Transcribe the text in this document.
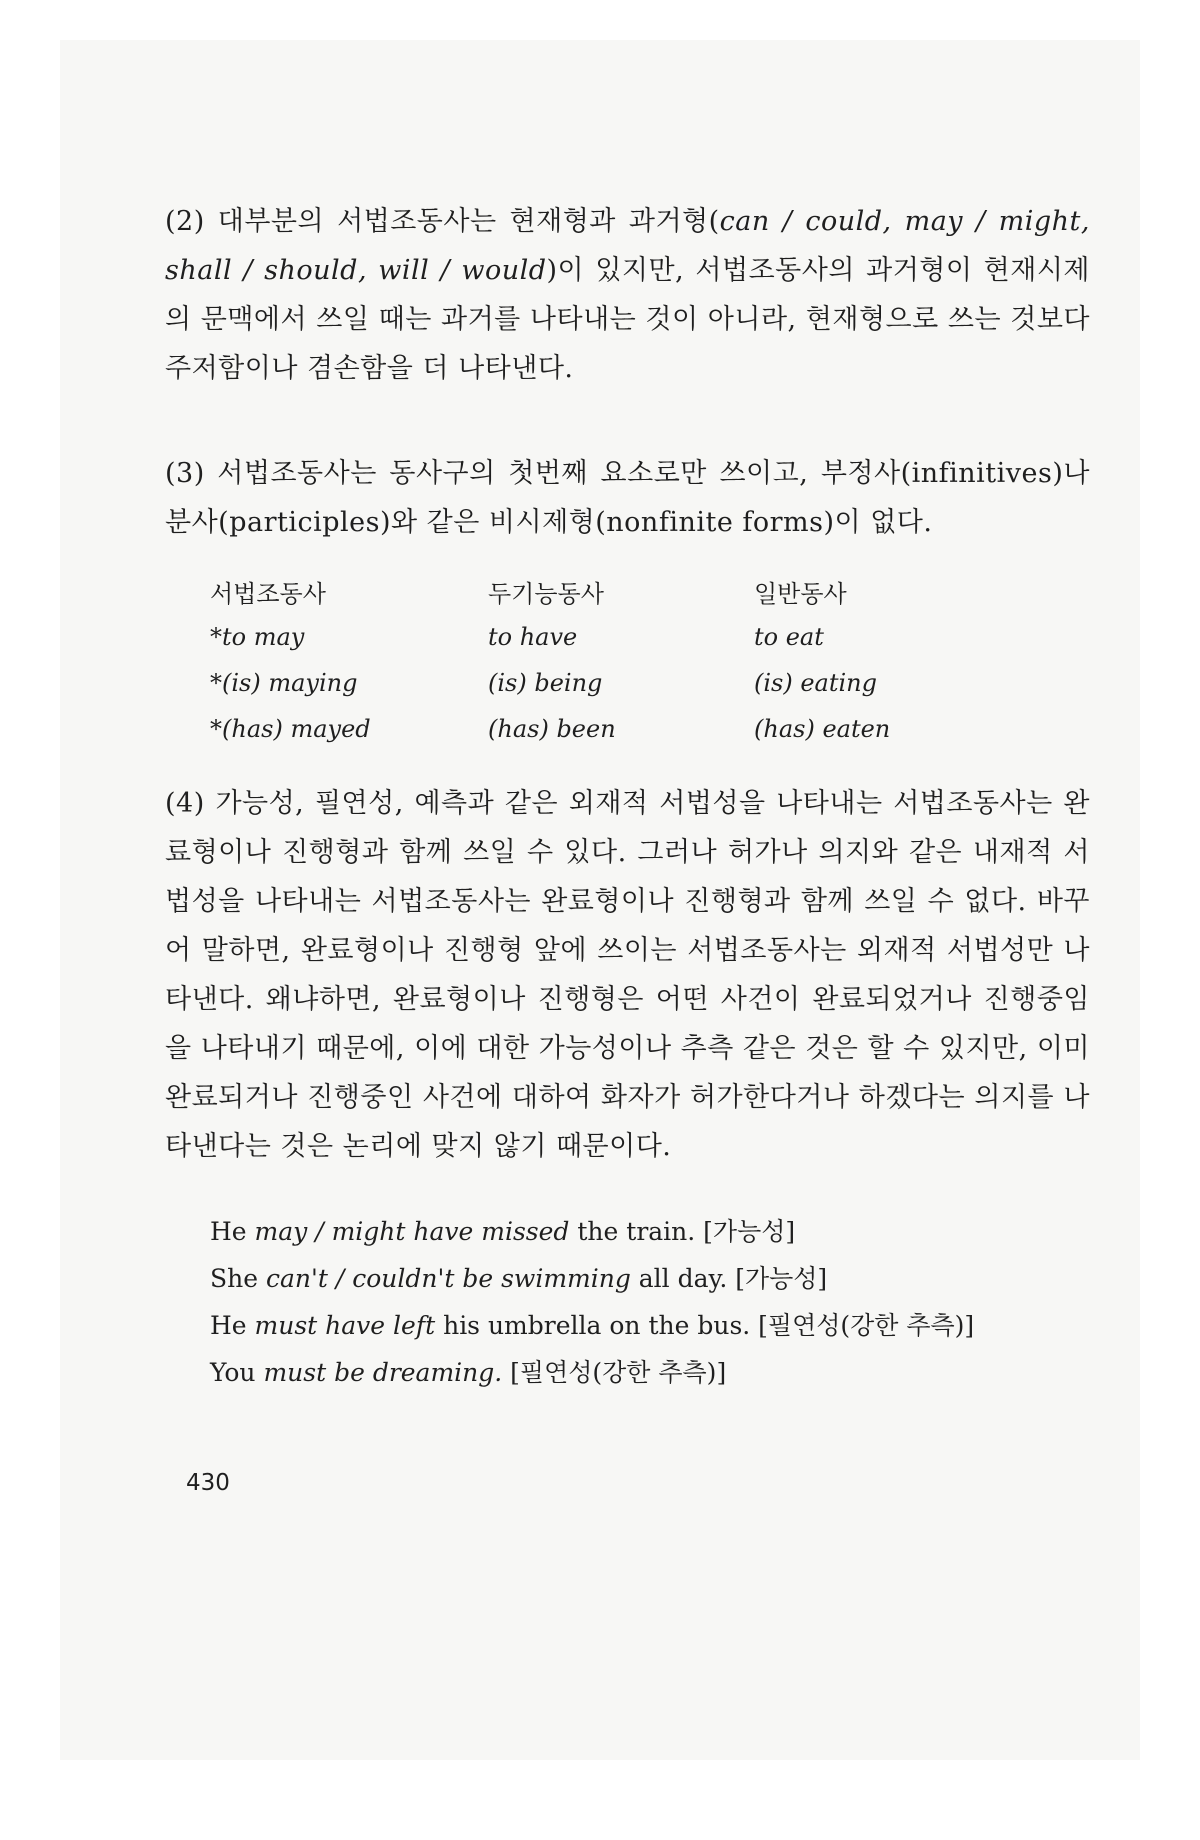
(2) 대부분의 서법조동사는 현재형과 과거형(can / could, may / might, shall / should, will / would)이 있지만, 서법조동사의 과거형이 현재시제의 문맥에서 쓰일 때는 과거를 나타내는 것이 아니라, 현재형으로 쓰는 것보다 주저함이나 겸손함을 더 나타낸다.

(3) 서법조동사는 동사구의 첫번째 요소로만 쓰이고, 부정사(infinitives)나 분사(participles)와 같은 비시제형(nonfinite forms)이 없다.

서법조동사	두기능동사	일반동사
*to may	to have	to eat
*(is) maying	(is) being	(is) eating
*(has) mayed	(has) been	(has) eaten

(4) 가능성, 필연성, 예측과 같은 외재적 서법성을 나타내는 서법조동사는 완료형이나 진행형과 함께 쓰일 수 있다. 그러나 허가나 의지와 같은 내재적 서법성을 나타내는 서법조동사는 완료형이나 진행형과 함께 쓰일 수 없다. 바꾸어 말하면, 완료형이나 진행형 앞에 쓰이는 서법조동사는 외재적 서법성만 나타낸다. 왜냐하면, 완료형이나 진행형은 어떤 사건이 완료되었거나 진행중임을 나타내기 때문에, 이에 대한 가능성이나 추측 같은 것은 할 수 있지만, 이미 완료되거나 진행중인 사건에 대하여 화자가 허가한다거나 하겠다는 의지를 나타낸다는 것은 논리에 맞지 않기 때문이다.

He may / might have missed the train. [가능성]
She can't / couldn't be swimming all day. [가능성]
He must have left his umbrella on the bus. [필연성(강한 추측)]
You must be dreaming. [필연성(강한 추측)]
430
